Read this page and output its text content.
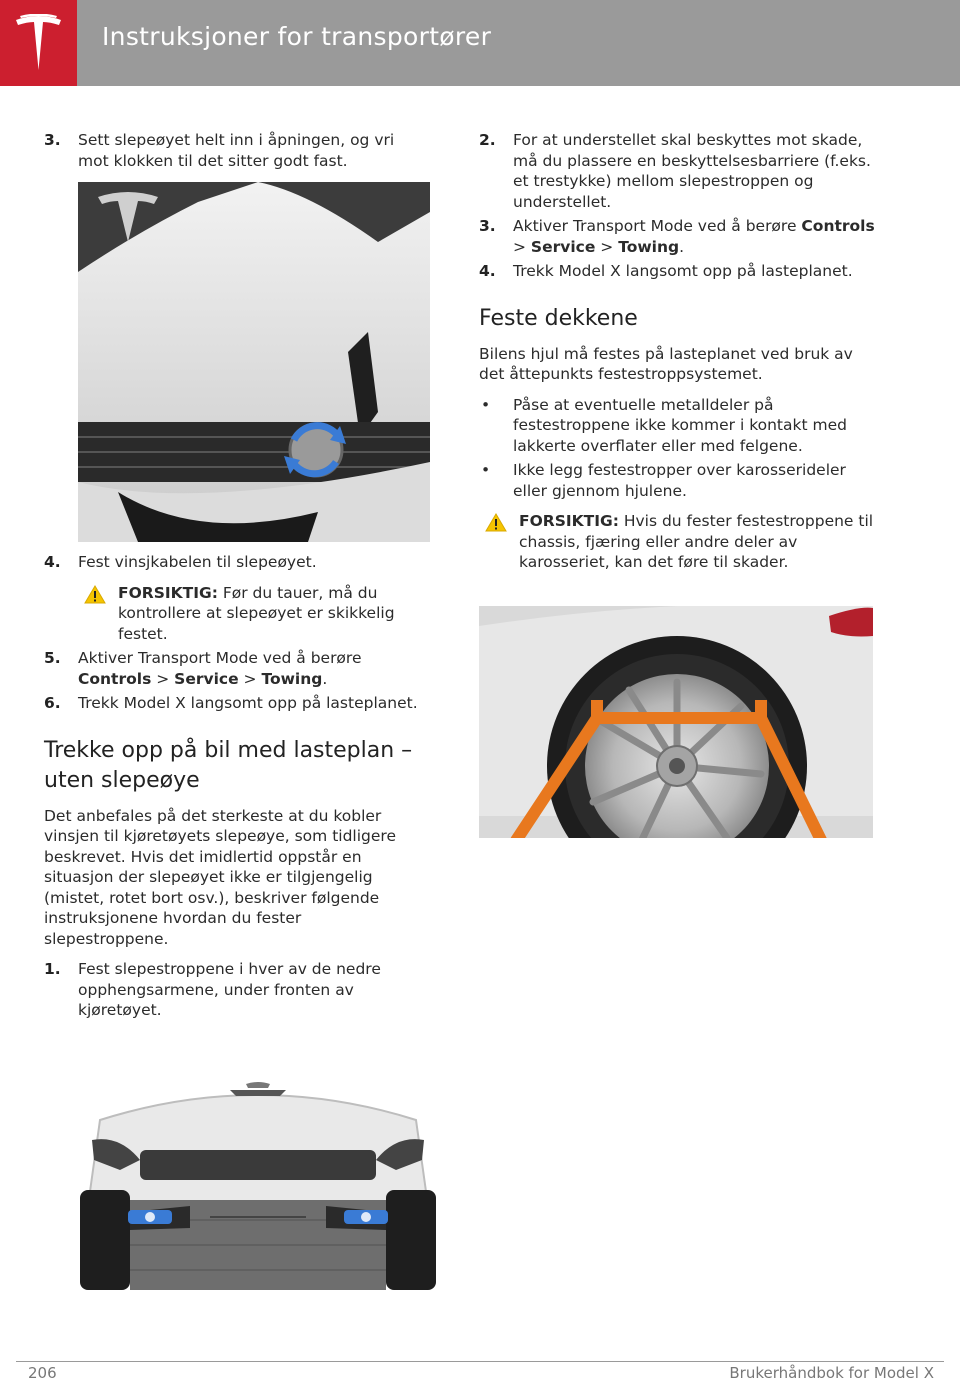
Instruksjoner for transportører
3. Sett slepeøyet helt inn i åpningen, og vri mot klokken til det sitter godt fast.
4. Fest vinsjkabelen til slepeøyet.
FORSIKTIG: Før du tauer, må du kontrollere at slepeøyet er skikkelig festet.
5. Aktiver Transport Mode ved å berøre Controls > Service > Towing.
6. Trekk Model X langsomt opp på lasteplanet.
Trekke opp på bil med lasteplan – uten slepeøye

Det anbefales på det sterkeste at du kobler vinsjen til kjøretøyets slepeøye, som tidligere beskrevet. Hvis det imidlertid oppstår en situasjon der slepeøyet ikke er tilgjengelig (mistet, rotet bort osv.), beskriver følgende instruksjonene hvordan du fester slepestroppene.

1. Fest slepestroppene i hver av de nedre opphengsarmene, under fronten av kjøretøyet.
2. For at understellet skal beskyttes mot skade, må du plassere en beskyttelsesbarriere (f.eks. et trestykke) mellom slepestroppen og understellet.
3. Aktiver Transport Mode ved å berøre Controls > Service > Towing.
4. Trekk Model X langsomt opp på lasteplanet.
Feste dekkene

Bilens hjul må festes på lasteplanet ved bruk av det åttepunkts festestroppsystemet.

• Påse at eventuelle metalldeler på festestroppene ikke kommer i kontakt med lakkerte overflater eller med felgene.
• Ikke legg festestropper over karosserideler eller gjennom hjulene.
FORSIKTIG: Hvis du fester festestroppene til chassis, fjæring eller andre deler av karosseriet, kan det føre til skader.
206	Brukerhåndbok for Model X
